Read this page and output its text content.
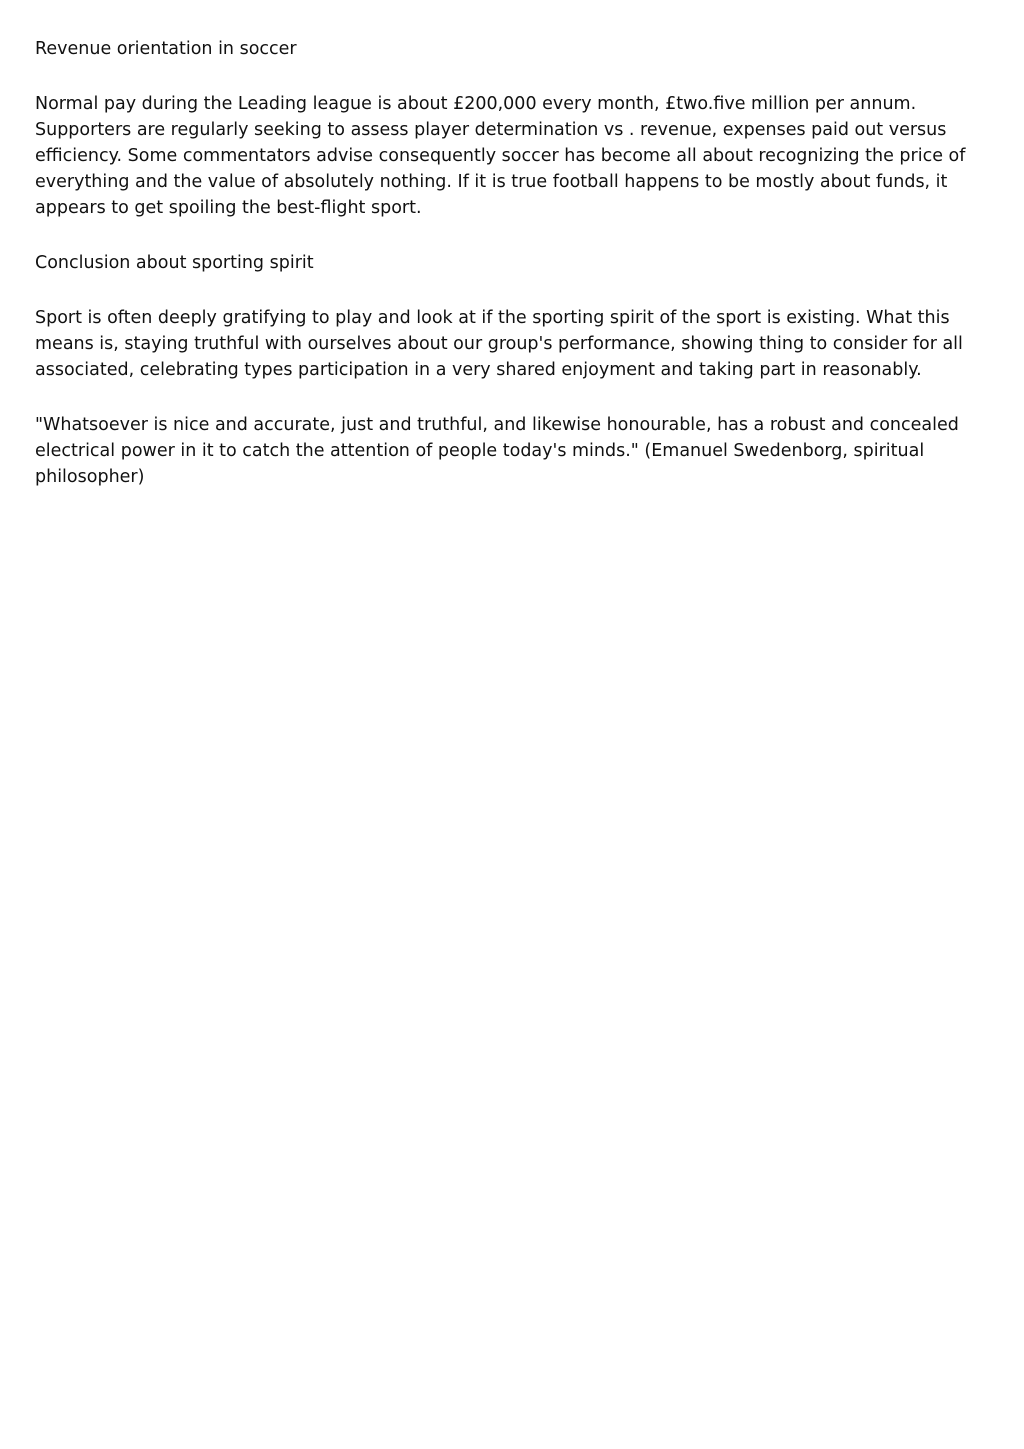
Revenue orientation in soccer

Normal pay during the Leading league is about £200,000 every month, £two.five million per annum. Supporters are regularly seeking to assess player determination vs . revenue, expenses paid out versus efficiency. Some commentators advise consequently soccer has become all about recognizing the price of everything and the value of absolutely nothing. If it is true football happens to be mostly about funds, it appears to get spoiling the best-flight sport.

Conclusion about sporting spirit

Sport is often deeply gratifying to play and look at if the sporting spirit of the sport is existing. What this means is, staying truthful with ourselves about our group's performance, showing thing to consider for all associated, celebrating types participation in a very shared enjoyment and taking part in reasonably.

"Whatsoever is nice and accurate, just and truthful, and likewise honourable, has a robust and concealed electrical power in it to catch the attention of people today's minds." (Emanuel Swedenborg, spiritual philosopher)
